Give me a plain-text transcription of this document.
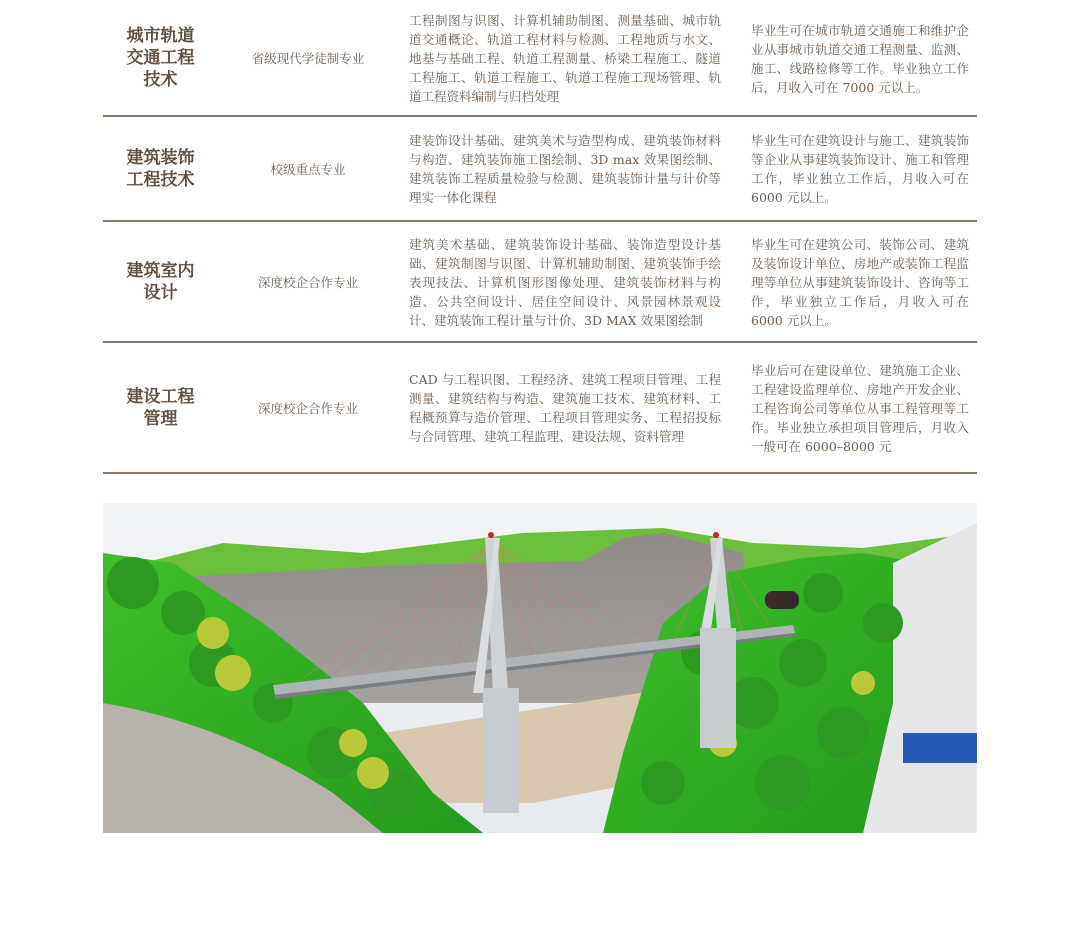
城市轨道
交通工程
技术
省级现代学徒制专业
工程制图与识图、计算机辅助制图、测量基础、城市轨道交通概论、轨道工程材料与检测、工程地质与水文、地基与基础工程、轨道工程测量、桥梁工程施工、隧道工程施工、轨道工程施工、轨道工程施工现场管理、轨道工程资料编制与归档处理
毕业生可在城市轨道交通施工和维护企业从事城市轨道交通工程测量、监测、施工、线路检修等工作。毕业独立工作后，月收入可在 7000 元以上。
建筑装饰
工程技术
校级重点专业
建装饰设计基础、建筑美术与造型构成、建筑装饰材料与构造、建筑装饰施工图绘制、3D max 效果图绘制、建筑装饰工程质量检验与检测、建筑装饰计量与计价等理实一体化课程
毕业生可在建筑设计与施工、建筑装饰等企业从事建筑装饰设计、施工和管理工作，毕业独立工作后，月收入可在 6000 元以上。
建筑室内
设计
深度校企合作专业
建筑美术基础、建筑装饰设计基础、装饰造型设计基础、建筑制图与识图、计算机辅助制图、建筑装饰手绘表现技法、计算机图形图像处理、建筑装饰材料与构造、公共空间设计、居住空间设计、风景园林景观设计、建筑装饰工程计量与计价、3D MAX 效果图绘制
毕业生可在建筑公司、装饰公司、建筑及装饰设计单位、房地产或装饰工程监理等单位从事建筑装饰设计、咨询等工作，毕业独立工作后，月收入可在 6000 元以上。
建设工程
管理
深度校企合作专业
CAD 与工程识图、工程经济、建筑工程项目管理、工程测量、建筑结构与构造、建筑施工技术、建筑材料、工程概预算与造价管理、工程项目管理实务、工程招投标与合同管理、建筑工程监理、建设法规、资料管理
毕业后可在建设单位、建筑施工企业、工程建设监理单位、房地产开发企业、工程咨询公司等单位从事工程管理等工作。毕业独立承担项目管理后，月收入一般可在 6000–8000 元
